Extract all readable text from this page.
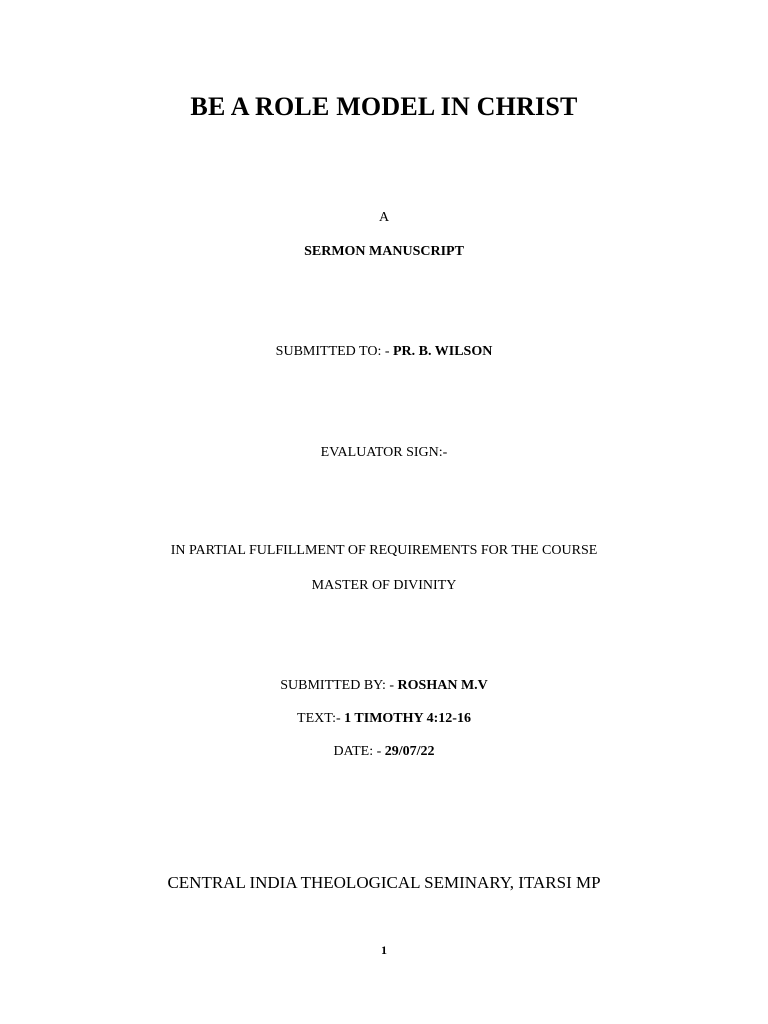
BE A ROLE MODEL IN CHRIST
A
SERMON MANUSCRIPT
SUBMITTED TO: - PR. B. WILSON
EVALUATOR SIGN:-
IN PARTIAL FULFILLMENT OF REQUIREMENTS FOR THE COURSE
MASTER OF DIVINITY
SUBMITTED BY: - ROSHAN M.V
TEXT:- 1 TIMOTHY 4:12-16
DATE: - 29/07/22
CENTRAL INDIA THEOLOGICAL SEMINARY, ITARSI MP
1
